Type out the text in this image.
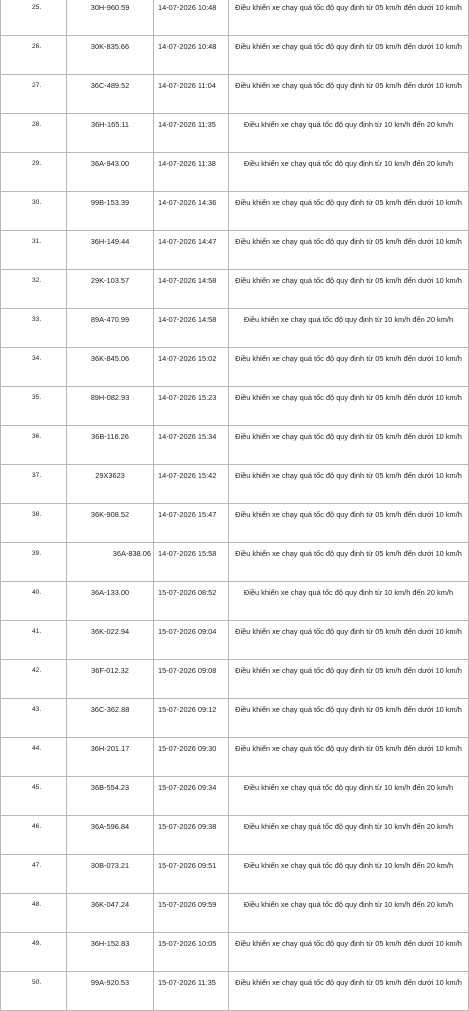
25.	30H-960.59	14-07-2026 10:48	Điều khiển xe chạy quá tốc độ quy định từ 05 km/h đến dưới 10 km/h
26.	30K-835.66	14-07-2026 10:48	Điều khiển xe chạy quá tốc độ quy định từ 05 km/h đến dưới 10 km/h
27.	36C-489.52	14-07-2026 11:04	Điều khiển xe chạy quá tốc độ quy định từ 05 km/h đến dưới 10 km/h
28.	36H-165.11	14-07-2026 11:35	Điều khiển xe chạy quá tốc độ quy định từ 10 km/h đến 20 km/h
29.	36A-943.00	14-07-2026 11:38	Điều khiển xe chạy quá tốc độ quy định từ 10 km/h đến 20 km/h
30.	99B-153.39	14-07-2026 14:36	Điều khiển xe chạy quá tốc độ quy định từ 05 km/h đến dưới 10 km/h
31.	36H-149.44	14-07-2026 14:47	Điều khiển xe chạy quá tốc độ quy định từ 05 km/h đến dưới 10 km/h
32.	29K-103.57	14-07-2026 14:58	Điều khiển xe chạy quá tốc độ quy định từ 05 km/h đến dưới 10 km/h
33.	89A-470.99	14-07-2026 14:58	Điều khiển xe chạy quá tốc độ quy định từ 10 km/h đến 20 km/h
34.	36K-845.06	14-07-2026 15:02	Điều khiển xe chạy quá tốc độ quy định từ 05 km/h đến dưới 10 km/h
35.	89H-082.93	14-07-2026 15:23	Điều khiển xe chạy quá tốc độ quy định từ 05 km/h đến dưới 10 km/h
36.	36B-116.26	14-07-2026 15:34	Điều khiển xe chạy quá tốc độ quy định từ 05 km/h đến dưới 10 km/h
37.	29X3623	14-07-2026 15:42	Điều khiển xe chạy quá tốc độ quy định từ 05 km/h đến dưới 10 km/h
38.	36K-908.52	14-07-2026 15:47	Điều khiển xe chạy quá tốc độ quy định từ 05 km/h đến dưới 10 km/h
39.	36A-838.06	14-07-2026 15:58	Điều khiển xe chạy quá tốc độ quy định từ 05 km/h đến dưới 10 km/h
40.	36A-133.00	15-07-2026 08:52	Điều khiển xe chạy quá tốc độ quy định từ 10 km/h đến 20 km/h
41.	36K-022.94	15-07-2026 09:04	Điều khiển xe chạy quá tốc độ quy định từ 05 km/h đến dưới 10 km/h
42.	36F-012.32	15-07-2026 09:08	Điều khiển xe chạy quá tốc độ quy định từ 05 km/h đến dưới 10 km/h
43.	36C-362.88	15-07-2026 09:12	Điều khiển xe chạy quá tốc độ quy định từ 05 km/h đến dưới 10 km/h
44.	36H-201.17	15-07-2026 09:30	Điều khiển xe chạy quá tốc độ quy định từ 05 km/h đến dưới 10 km/h
45.	36B-554.23	15-07-2026 09:34	Điều khiển xe chạy quá tốc độ quy định từ 10 km/h đến 20 km/h
46.	36A-596.84	15-07-2026 09:38	Điều khiển xe chạy quá tốc độ quy định từ 10 km/h đến 20 km/h
47.	30B-073.21	15-07-2026 09:51	Điều khiển xe chạy quá tốc độ quy định từ 10 km/h đến 20 km/h
48.	36K-047.24	15-07-2026 09:59	Điều khiển xe chạy quá tốc độ quy định từ 10 km/h đến 20 km/h
49.	36H-152.83	15-07-2026 10:05	Điều khiển xe chạy quá tốc độ quy định từ 05 km/h đến dưới 10 km/h
50.	99A-920.53	15-07-2026 11:35	Điều khiển xe chạy quá tốc độ quy định từ 05 km/h đến dưới 10 km/h
